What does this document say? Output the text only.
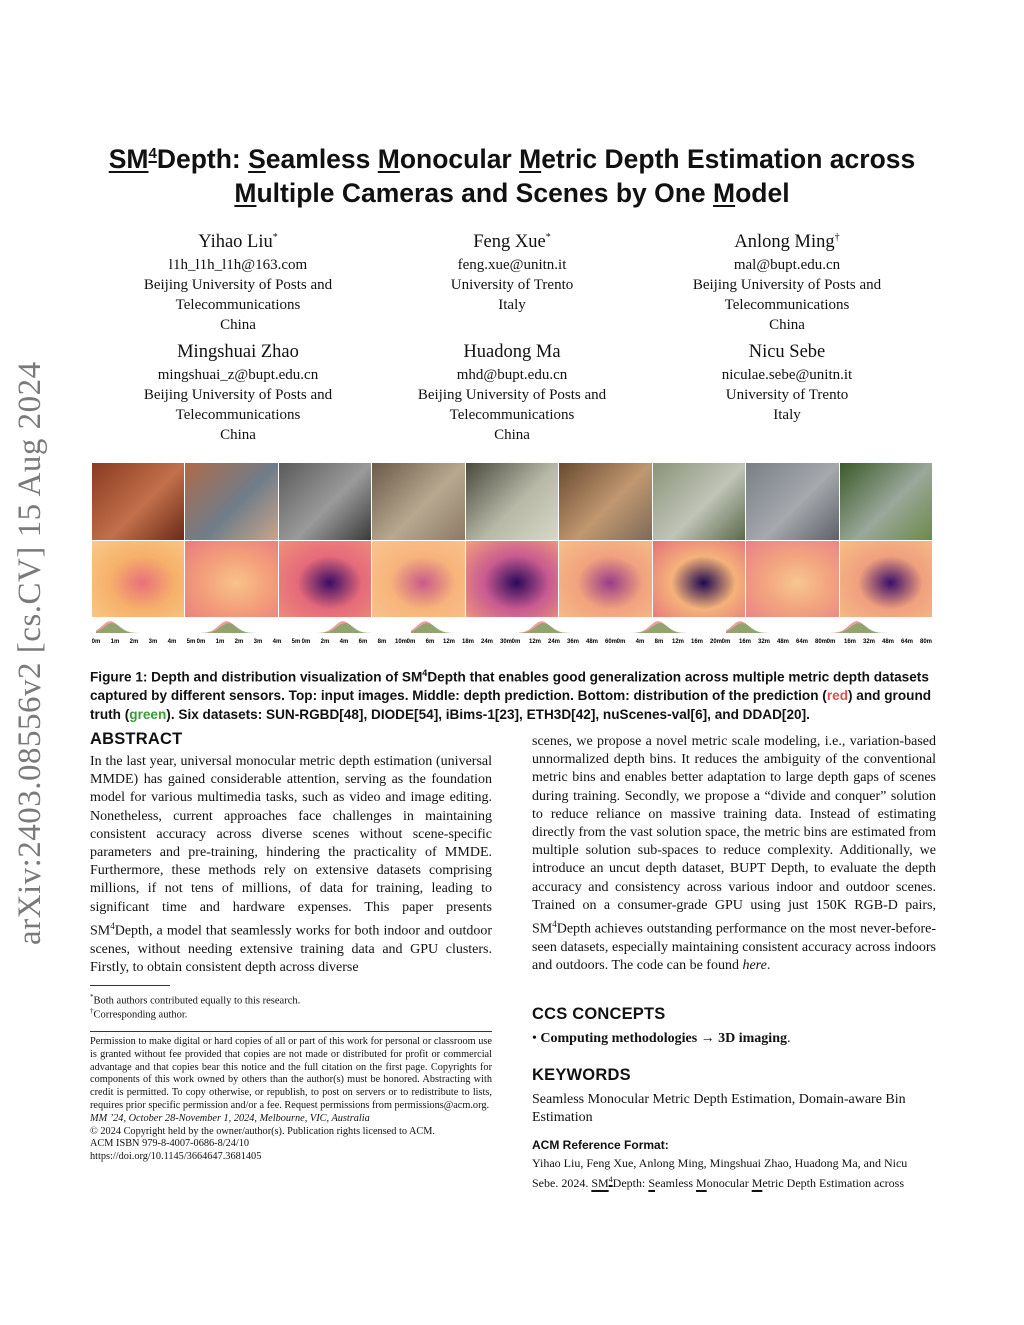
arXiv:2403.08556v2 [cs.CV] 15 Aug 2024
$SM^4Depth$: Seamless Monocular Metric Depth Estimation across
Multiple Cameras and Scenes by One Model
Yihao Liu*
l1h_l1h_l1h@163.com
Beijing University of Posts and
Telecommunications
China
Feng Xue*
feng.xue@unitn.it
University of Trento
Italy
Anlong Ming†
mal@bupt.edu.cn
Beijing University of Posts and
Telecommunications
China
Mingshuai Zhao
mingshuai_z@bupt.edu.cn
Beijing University of Posts and
Telecommunications
China
Huadong Ma
mhd@bupt.edu.cn
Beijing University of Posts and
Telecommunications
China
Nicu Sebe
niculae.sebe@unitn.it
University of Trento
Italy
0m 1m 2m 3m 4m 5m 0m 1m 2m 3m 4m 5m 0m 2m 4m 6m 8m 10m 0m 6m 12m 18m 24m 30m 0m 12m 24m 36m 48m 60m 0m 4m 8m 12m 16m 20m 0m 16m 32m 48m 64m 80m 0m 16m 32m 48m 64m 80m
Figure 1: Depth and distribution visualization of $SM^4Depth$ that enables good generalization across multiple metric depth datasets captured by different sensors. Top: input images. Middle: depth prediction. Bottom: distribution of the prediction (red) and ground truth (green). Six datasets: SUN-RGBD[48], DIODE[54], iBims-1[23], ETH3D[42], nuScenes-val[6], and DDAD[20].
ABSTRACT
In the last year, universal monocular metric depth estimation (universal MMDE) has gained considerable attention, serving as the foundation model for various multimedia tasks, such as video and image editing. Nonetheless, current approaches face challenges in maintaining consistent accuracy across diverse scenes without scene-specific parameters and pre-training, hindering the practicality of MMDE. Furthermore, these methods rely on extensive datasets comprising millions, if not tens of millions, of data for training, leading to significant time and hardware expenses. This paper presents $SM^4Depth$, a model that seamlessly works for both indoor and outdoor scenes, without needing extensive training data and GPU clusters. Firstly, to obtain consistent depth across diverse
*Both authors contributed equally to this research.
†Corresponding author.
Permission to make digital or hard copies of all or part of this work for personal or classroom use is granted without fee provided that copies are not made or distributed for profit or commercial advantage and that copies bear this notice and the full citation on the first page. Copyrights for components of this work owned by others than the author(s) must be honored. Abstracting with credit is permitted. To copy otherwise, or republish, to post on servers or to redistribute to lists, requires prior specific permission and/or a fee. Request permissions from permissions@acm.org.
MM ’24, October 28-November 1, 2024, Melbourne, VIC, Australia
© 2024 Copyright held by the owner/author(s). Publication rights licensed to ACM.
ACM ISBN 979-8-4007-0686-8/24/10
https://doi.org/10.1145/3664647.3681405
scenes, we propose a novel metric scale modeling, i.e., variation-based unnormalized depth bins. It reduces the ambiguity of the conventional metric bins and enables better adaptation to large depth gaps of scenes during training. Secondly, we propose a “divide and conquer” solution to reduce reliance on massive training data. Instead of estimating directly from the vast solution space, the metric bins are estimated from multiple solution sub-spaces to reduce complexity. Additionally, we introduce an uncut depth dataset, BUPT Depth, to evaluate the depth accuracy and consistency across various indoor and outdoor scenes. Trained on a consumer-grade GPU using just 150K RGB-D pairs, $SM^4Depth$ achieves outstanding performance on the most never-before-seen datasets, especially maintaining consistent accuracy across indoors and outdoors. The code can be found here.
CCS CONCEPTS
• Computing methodologies → 3D imaging.
KEYWORDS
Seamless Monocular Metric Depth Estimation, Domain-aware Bin Estimation
ACM Reference Format:
Yihao Liu, Feng Xue, Anlong Ming, Mingshuai Zhao, Huadong Ma, and Nicu
Sebe. 2024. $SM^4Depth$: Seamless Monocular Metric Depth Estimation across
